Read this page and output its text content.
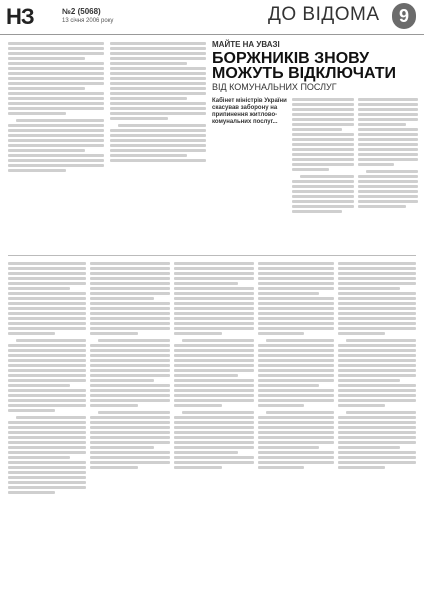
НЗ	№2 (5068)
13 січня 2006 року	ДО ВІДОМА	9
МАЙТЕ НА УВАЗІ
БОРЖНИКІВ ЗНОВУ МОЖУТЬ ВІДКЛЮЧАТИ
ВІД КОМУНАЛЬНИХ ПОСЛУГ
Кабінет міністрів України скасував заборону на припинення житлово-комунальних послуг...
